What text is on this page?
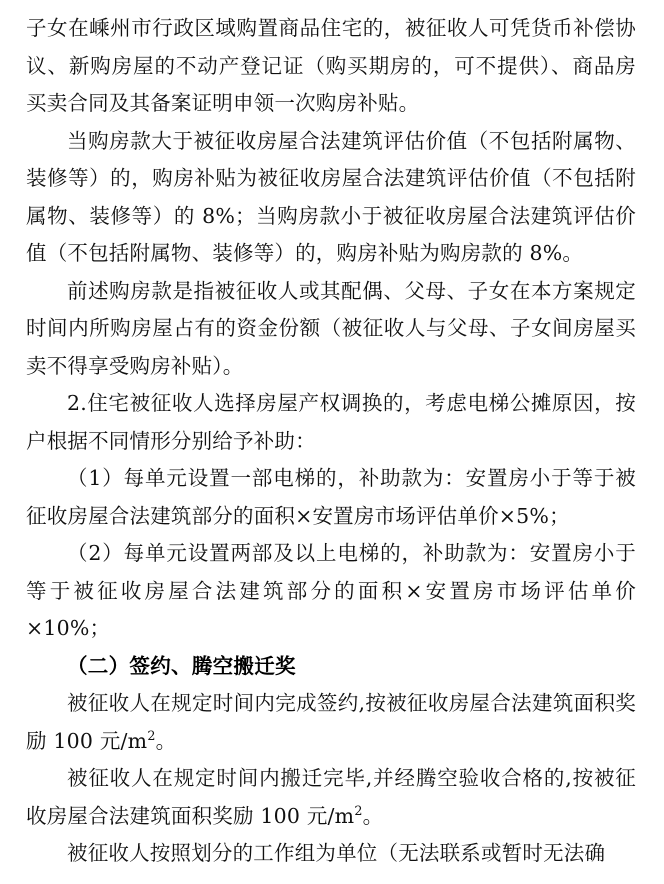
子女在嵊州市行政区域购置商品住宅的，被征收人可凭货币补偿协议、新购房屋的不动产登记证（购买期房的，可不提供）、商品房买卖合同及其备案证明申领一次购房补贴。

当购房款大于被征收房屋合法建筑评估价值（不包括附属物、装修等）的，购房补贴为被征收房屋合法建筑评估价值（不包括附属物、装修等）的 8%；当购房款小于被征收房屋合法建筑评估价值（不包括附属物、装修等）的，购房补贴为购房款的 8%。

前述购房款是指被征收人或其配偶、父母、子女在本方案规定时间内所购房屋占有的资金份额（被征收人与父母、子女间房屋买卖不得享受购房补贴）。

2.住宅被征收人选择房屋产权调换的，考虑电梯公摊原因，按户根据不同情形分别给予补助：

（1）每单元设置一部电梯的，补助款为：安置房小于等于被征收房屋合法建筑部分的面积×安置房市场评估单价×5%；

（2）每单元设置两部及以上电梯的，补助款为：安置房小于等于被征收房屋合法建筑部分的面积×安置房市场评估单价×10%；

（二）签约、腾空搬迁奖

被征收人在规定时间内完成签约,按被征收房屋合法建筑面积奖励 100 元$/m^2$。

被征收人在规定时间内搬迁完毕,并经腾空验收合格的,按被征收房屋合法建筑面积奖励 100 元$/m^2$。

被征收人按照划分的工作组为单位（无法联系或暂时无法确
